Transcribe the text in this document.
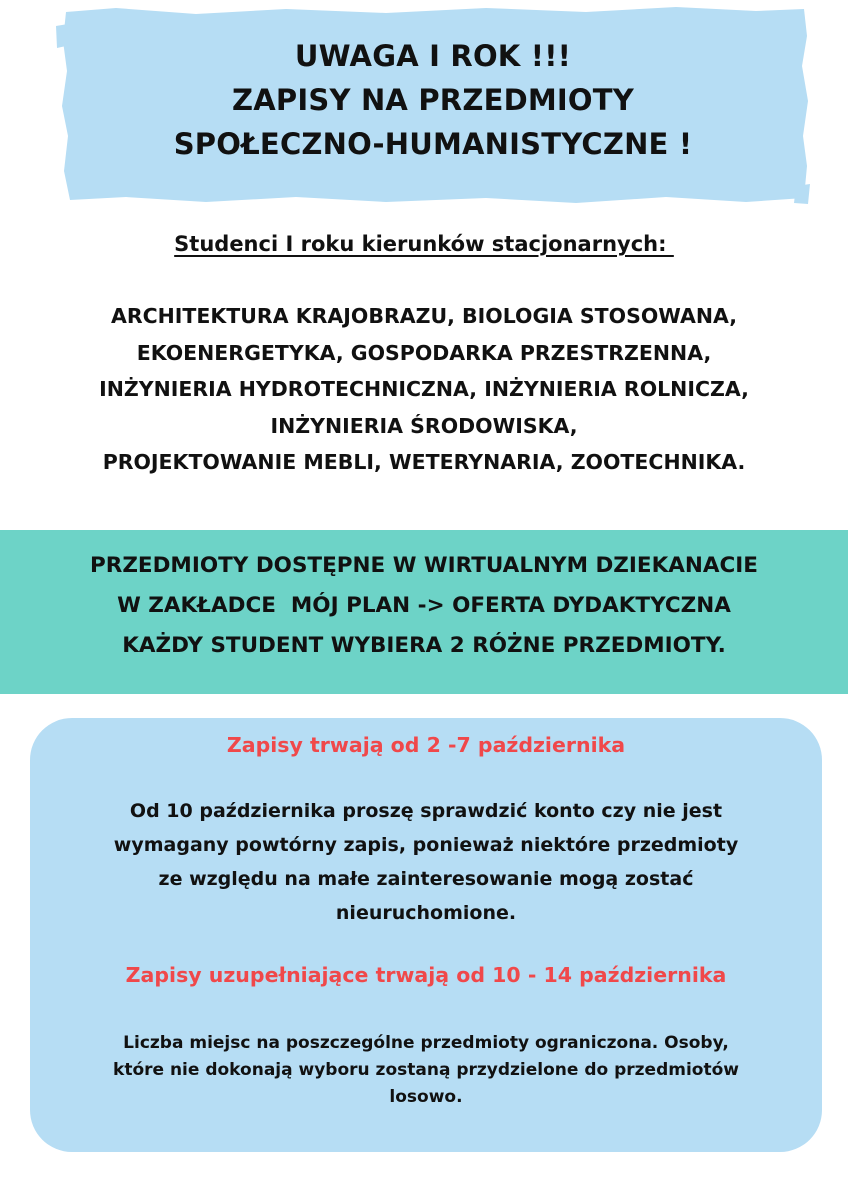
UWAGA I ROK !!!
ZAPISY NA PRZEDMIOTY
SPOŁECZNO-HUMANISTYCZNE !
Studenci I roku kierunków stacjonarnych:
ARCHITEKTURA KRAJOBRAZU, BIOLOGIA STOSOWANA,
EKOENERGETYKA, GOSPODARKA PRZESTRZENNA,
INŻYNIERIA HYDROTECHNICZNA, INŻYNIERIA ROLNICZA,
INŻYNIERIA ŚRODOWISKA,
PROJEKTOWANIE MEBLI, WETERYNARIA, ZOOTECHNIKA.
PRZEDMIOTY DOSTĘPNE W WIRTUALNYM DZIEKANACIE
W ZAKŁADCE  MÓJ PLAN -> OFERTA DYDAKTYCZNA
KAŻDY STUDENT WYBIERA 2 RÓŻNE PRZEDMIOTY.
Zapisy trwają od 2 -7 października
Od 10 października proszę sprawdzić konto czy nie jest
wymagany powtórny zapis, ponieważ niektóre przedmioty
ze względu na małe zainteresowanie mogą zostać
nieuruchomione.
Zapisy uzupełniające trwają od 10 - 14 października
Liczba miejsc na poszczególne przedmioty ograniczona. Osoby,
które nie dokonają wyboru zostaną przydzielone do przedmiotów
losowo.
